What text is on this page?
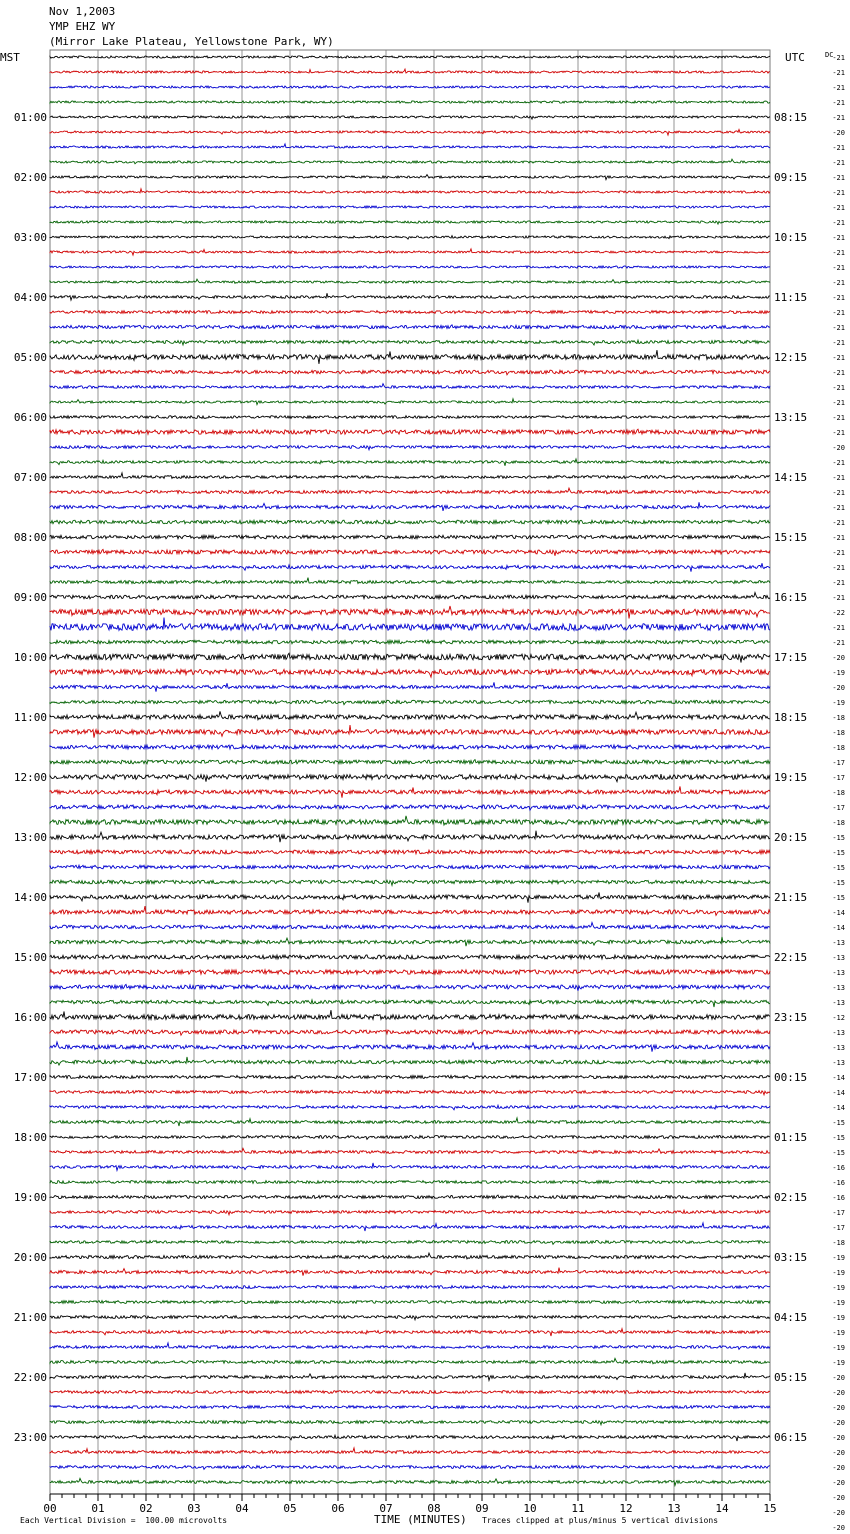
Nov 1,2003
YMP EHZ WY
(Mirror Lake Plateau, Yellowstone Park, WY)
00	01	02	03	04	05	06	07	08	09	10	11	12	13	14	15
01:00
02:00
03:00
04:00
05:00
06:00
07:00
08:00
09:00
10:00
11:00
12:00
13:00
14:00
15:00
16:00
17:00
18:00
19:00
20:00
21:00
22:00
23:00
08:15
09:15
10:15
11:15
12:15
13:15
14:15
15:15
16:15
17:15
18:15
19:15
20:15
21:15
22:15
23:15
00:15
01:15
02:15
03:15
04:15
05:15
06:15
-21
-21
-21
-21
-21
-20
-21
-21
-21
-21
-21
-21
-21
-21
-21
-21
-21
-21
-21
-21
-21
-21
-21
-21
-21
-21
-20
-21
-21
-21
-21
-21
-21
-21
-21
-21
-21
-22
-21
-21
-20
-19
-20
-19
-18
-18
-18
-17
-17
-18
-17
-18
-15
-15
-15
-15
-15
-14
-14
-13
-13
-13
-13
-13
-12
-13
-13
-13
-14
-14
-14
-15
-15
-15
-16
-16
-16
-17
-17
-18
-19
-19
-19
-19
-19
-19
-19
-19
-20
-20
-20
-20
-20
-20
-20
-20
-20
-20
-20
MST	UTC	DC
Each Vertical Division =  100.00 microvolts	TIME (MINUTES) Traces clipped at plus/minus 5 vertical divisions
